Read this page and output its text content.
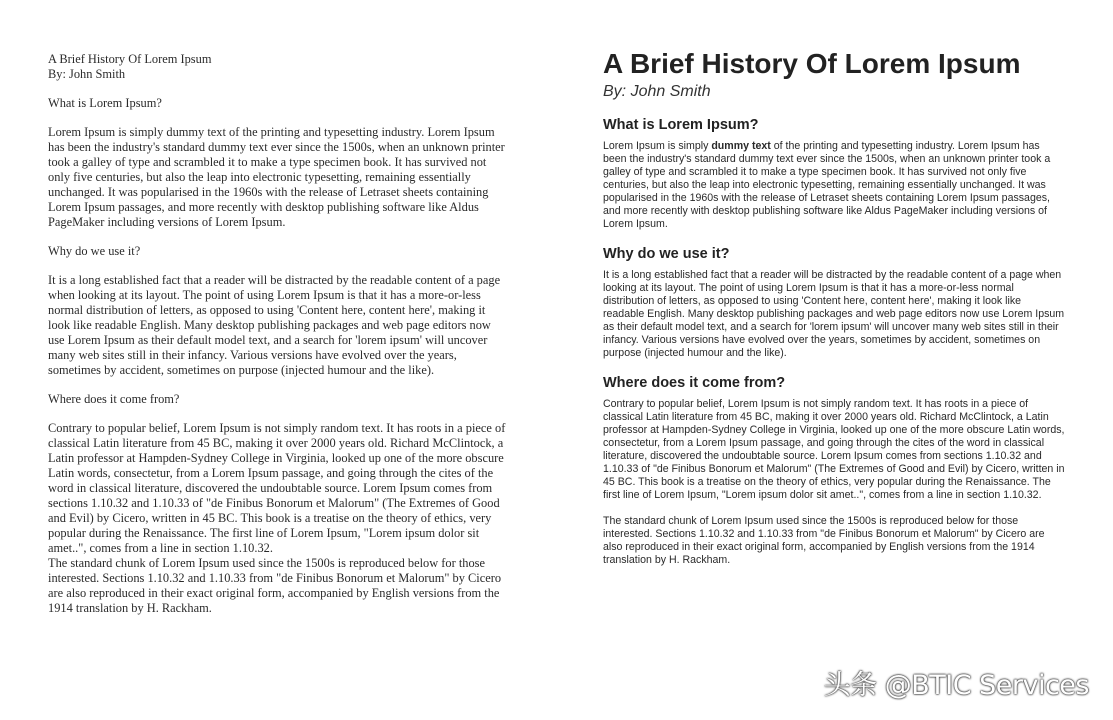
A Brief History Of Lorem Ipsum

By: John Smith

What is Lorem Ipsum?

Lorem Ipsum is simply dummy text of the printing and typesetting industry. Lorem Ipsum has been the industry's standard dummy text ever since the 1500s, when an unknown printer took a galley of type and scrambled it to make a type specimen book. It has survived not only five centuries, but also the leap into electronic typesetting, remaining essentially unchanged. It was popularised in the 1960s with the release of Letraset sheets containing Lorem Ipsum passages, and more recently with desktop publishing software like Aldus PageMaker including versions of Lorem Ipsum.

Why do we use it?

It is a long established fact that a reader will be distracted by the readable content of a page when looking at its layout. The point of using Lorem Ipsum is that it has a more-or-less normal distribution of letters, as opposed to using 'Content here, content here', making it look like readable English. Many desktop publishing packages and web page editors now use Lorem Ipsum as their default model text, and a search for 'lorem ipsum' will uncover many web sites still in their infancy. Various versions have evolved over the years, sometimes by accident, sometimes on purpose (injected humour and the like).

Where does it come from?

Contrary to popular belief, Lorem Ipsum is not simply random text. It has roots in a piece of classical Latin literature from 45 BC, making it over 2000 years old. Richard McClintock, a Latin professor at Hampden-Sydney College in Virginia, looked up one of the more obscure Latin words, consectetur, from a Lorem Ipsum passage, and going through the cites of the word in classical literature, discovered the undoubtable source. Lorem Ipsum comes from sections 1.10.32 and 1.10.33 of "de Finibus Bonorum et Malorum" (The Extremes of Good and Evil) by Cicero, written in 45 BC. This book is a treatise on the theory of ethics, very popular during the Renaissance. The first line of Lorem Ipsum, "Lorem ipsum dolor sit amet..", comes from a line in section 1.10.32.

The standard chunk of Lorem Ipsum used since the 1500s is reproduced below for those interested. Sections 1.10.32 and 1.10.33 from "de Finibus Bonorum et Malorum" by Cicero are also reproduced in their exact original form, accompanied by English versions from the 1914 translation by H. Rackham.

A Brief History Of Lorem Ipsum

By: John Smith

What is Lorem Ipsum?

Lorem Ipsum is simply dummy text of the printing and typesetting industry. Lorem Ipsum has been the industry's standard dummy text ever since the 1500s, when an unknown printer took a galley of type and scrambled it to make a type specimen book. It has survived not only five centuries, but also the leap into electronic typesetting, remaining essentially unchanged. It was popularised in the 1960s with the release of Letraset sheets containing Lorem Ipsum passages, and more recently with desktop publishing software like Aldus PageMaker including versions of Lorem Ipsum.

Why do we use it?

It is a long established fact that a reader will be distracted by the readable content of a page when looking at its layout. The point of using Lorem Ipsum is that it has a more-or-less normal distribution of letters, as opposed to using 'Content here, content here', making it look like readable English. Many desktop publishing packages and web page editors now use Lorem Ipsum as their default model text, and a search for 'lorem ipsum' will uncover many web sites still in their infancy. Various versions have evolved over the years, sometimes by accident, sometimes on purpose (injected humour and the like).

Where does it come from?

Contrary to popular belief, Lorem Ipsum is not simply random text. It has roots in a piece of classical Latin literature from 45 BC, making it over 2000 years old. Richard McClintock, a Latin professor at Hampden-Sydney College in Virginia, looked up one of the more obscure Latin words, consectetur, from a Lorem Ipsum passage, and going through the cites of the word in classical literature, discovered the undoubtable source. Lorem Ipsum comes from sections 1.10.32 and 1.10.33 of "de Finibus Bonorum et Malorum" (The Extremes of Good and Evil) by Cicero, written in 45 BC. This book is a treatise on the theory of ethics, very popular during the Renaissance. The first line of Lorem Ipsum, "Lorem ipsum dolor sit amet..", comes from a line in section 1.10.32.

The standard chunk of Lorem Ipsum used since the 1500s is reproduced below for those interested. Sections 1.10.32 and 1.10.33 from "de Finibus Bonorum et Malorum" by Cicero are also reproduced in their exact original form, accompanied by English versions from the 1914 translation by H. Rackham.

头条 @BTIC Services
